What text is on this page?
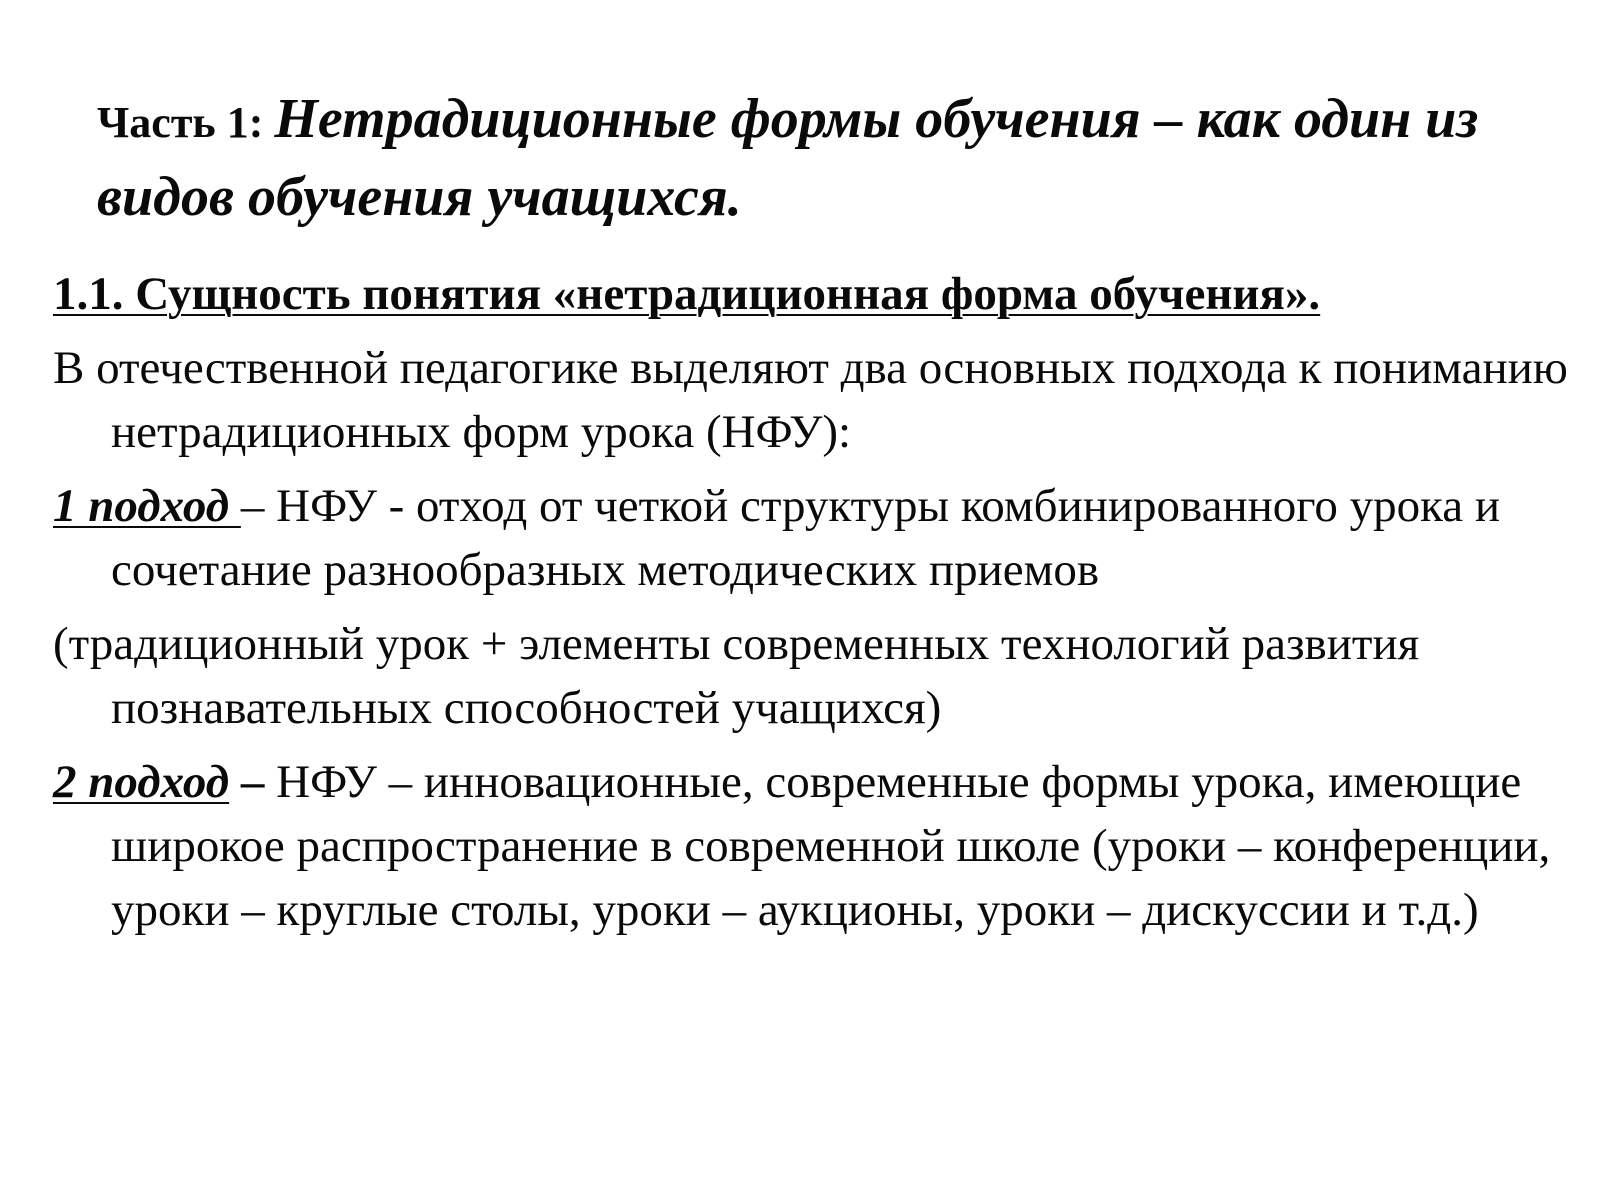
Часть 1: Нетрадиционные формы обучения – как один из видов обучения учащихся.

1.1. Сущность понятия «нетрадиционная форма обучения».

В отечественной педагогике выделяют два основных подхода к пониманию нетрадиционных форм урока (НФУ):

1 подход – НФУ - отход от четкой структуры комбинированного урока и сочетание разнообразных методических приемов

(традиционный урок + элементы современных технологий развития познавательных способностей учащихся)

2 подход – НФУ – инновационные, современные формы урока, имеющие широкое распространение в современной школе (уроки – конференции, уроки – круглые столы, уроки – аукционы, уроки – дискуссии и т.д.)
